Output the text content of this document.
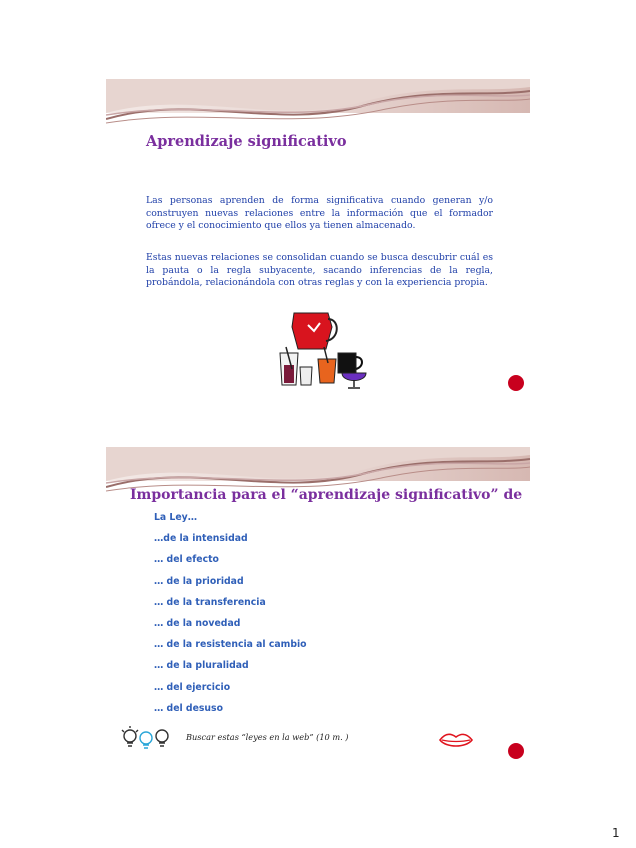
Aprendizaje significativo
Las personas aprenden de forma significativa cuando generan y/o construyen nuevas relaciones entre la información que el formador ofrece y el conocimiento que ellos ya tienen almacenado.
Estas nuevas relaciones se consolidan cuando se busca descubrir cuál es la pauta o la regla subyacente, sacando inferencias de la regla, probándola, relacionándola con otras reglas y con la experiencia propia.
Importancia para el “aprendizaje significativo” de
La Ley…
…de la intensidad
… del efecto
… de la prioridad
… de la transferencia
… de la novedad
… de la resistencia al cambio
… de la pluralidad
… del ejercicio
… del desuso
Buscar estas “leyes en la web” (10 m. )
1
